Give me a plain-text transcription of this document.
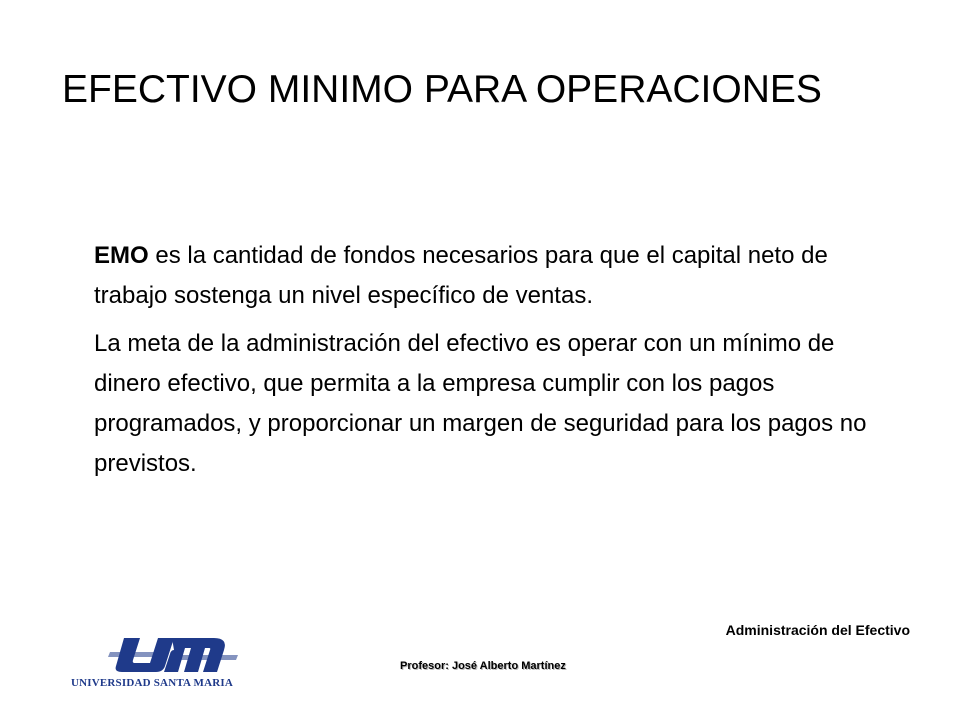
EFECTIVO MINIMO PARA OPERACIONES

EMO es la cantidad de fondos necesarios para que el capital neto de trabajo sostenga un nivel específico de ventas.

La meta de la administración del efectivo es operar con un mínimo de dinero efectivo, que permita a la empresa cumplir con los pagos programados, y proporcionar un margen de seguridad para los pagos no previstos.

Administración del Efectivo
Profesor: José Alberto Martínez
UNIVERSIDAD SANTA MARIA
